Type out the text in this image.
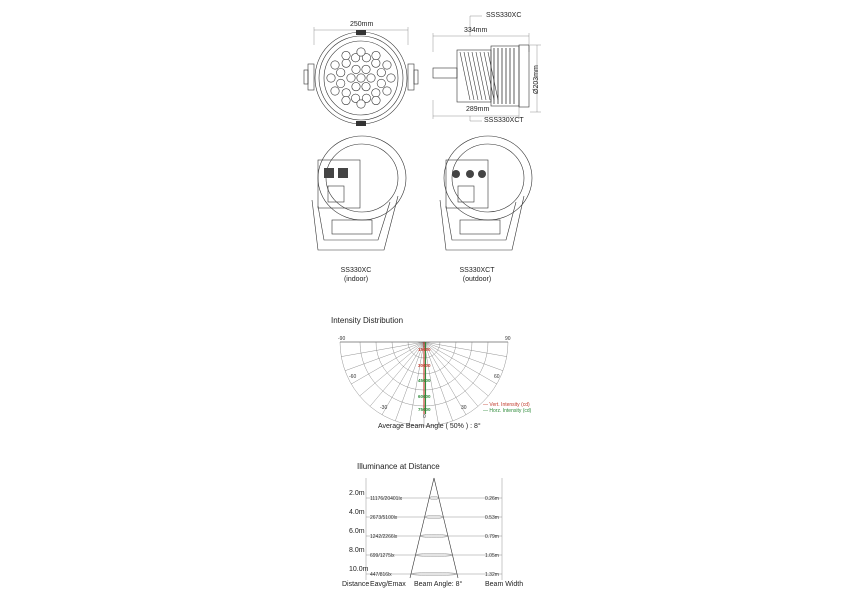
250mm
SSS330XC
334mm
289mm
SSS330XCT
Ø203mm
SS330XC
(indoor)
SS330XCT
(outdoor)
Intensity Distribution
-90	90
-60	60
-30	30
0
15000
30000
45000
60000
75000
— Vert. Intensity (cd)
— Horz. Intensity (cd)
Average Beam Angle ( 50% ) : 8°
Illuminance at Distance
2.0m
11176/20401lx	0.26m
4.0m
2673/5100lx	0.53m
6.0m
1242/2266lx	0.79m
8.0m
699/1275lx	1.05m
10.0m
447/816lx	1.32m
Distance Eavg/Emax Beam Angle: 8°	Beam Width
